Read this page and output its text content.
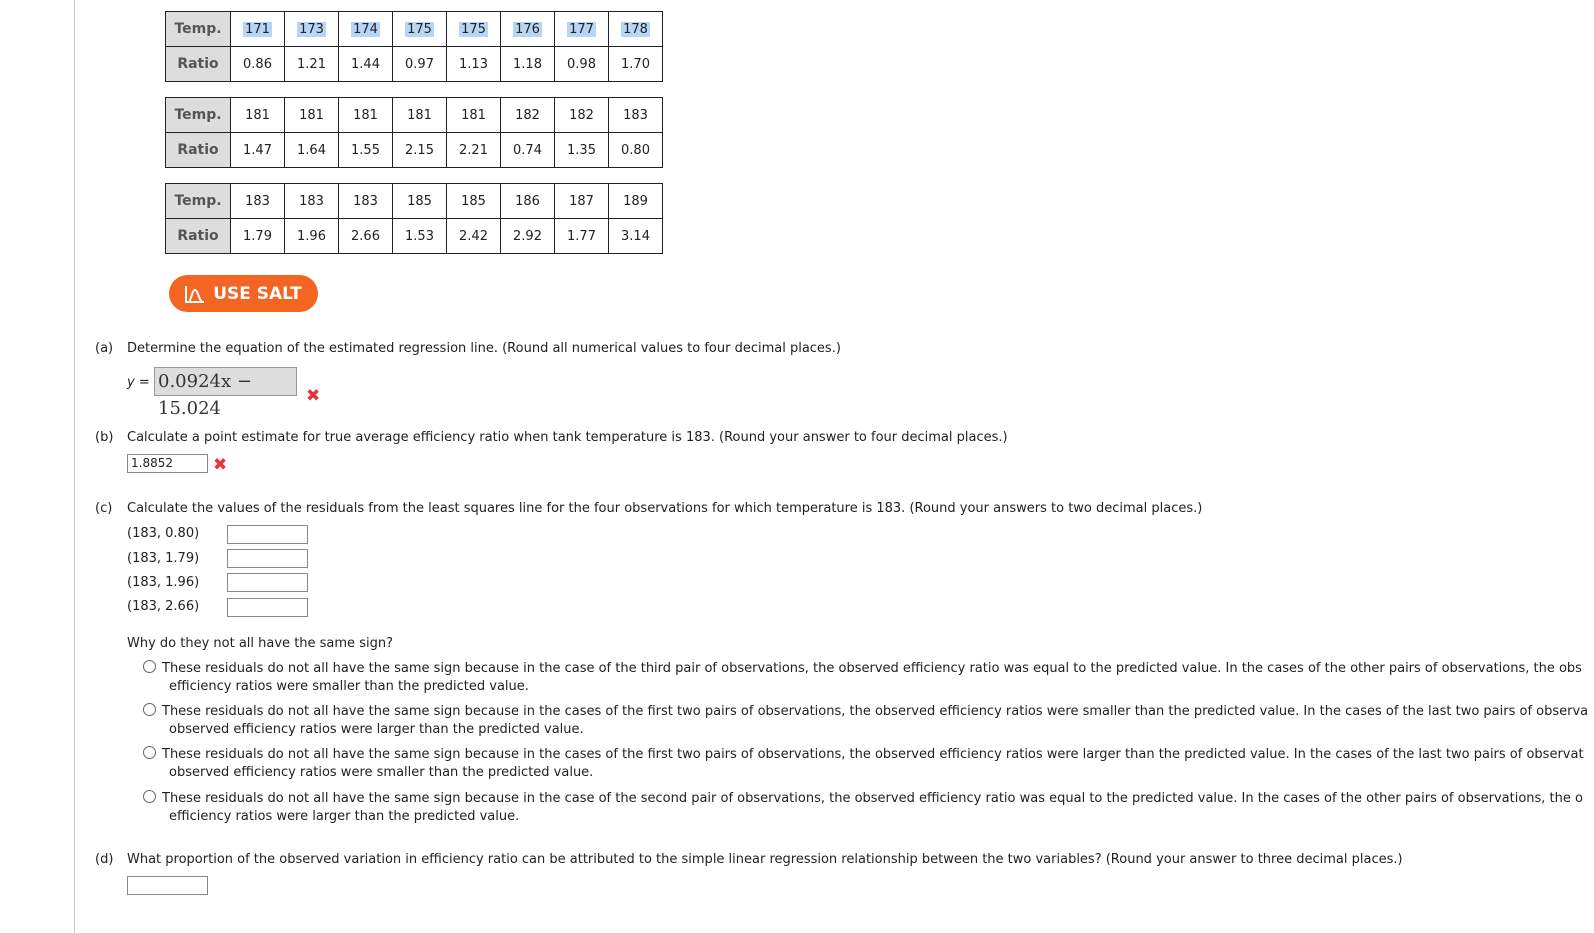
Temp.	171	173	174	175	175	176	177	178
Ratio	0.86	1.21	1.44	0.97	1.13	1.18	0.98	1.70
Temp.	181	181	181	181	181	182	182	183
Ratio	1.47	1.64	1.55	2.15	2.21	0.74	1.35	0.80
Temp.	183	183	183	185	185	186	187	189
Ratio	1.79	1.96	2.66	1.53	2.42	2.92	1.77	3.14
USE SALT
(a) Determine the equation of the estimated regression line. (Round all numerical values to four decimal places.)
y = 0.0924x − 15.024
✖
(b) Calculate a point estimate for true average efficiency ratio when tank temperature is 183. (Round your answer to four decimal places.)
1.8852	✖
(c) Calculate the values of the residuals from the least squares line for the four observations for which temperature is 183. (Round your answers to two decimal places.)
(183, 0.80)
(183, 1.79)
(183, 1.96)
(183, 2.66)
Why do they not all have the same sign?
These residuals do not all have the same sign because in the case of the third pair of observations, the observed efficiency ratio was equal to the predicted value. In the cases of the other pairs of observations, the obs
efficiency ratios were smaller than the predicted value.
These residuals do not all have the same sign because in the cases of the first two pairs of observations, the observed efficiency ratios were smaller than the predicted value. In the cases of the last two pairs of observa
observed efficiency ratios were larger than the predicted value.
These residuals do not all have the same sign because in the cases of the first two pairs of observations, the observed efficiency ratios were larger than the predicted value. In the cases of the last two pairs of observat
observed efficiency ratios were smaller than the predicted value.
These residuals do not all have the same sign because in the case of the second pair of observations, the observed efficiency ratio was equal to the predicted value. In the cases of the other pairs of observations, the o
efficiency ratios were larger than the predicted value.
(d) What proportion of the observed variation in efficiency ratio can be attributed to the simple linear regression relationship between the two variables? (Round your answer to three decimal places.)
